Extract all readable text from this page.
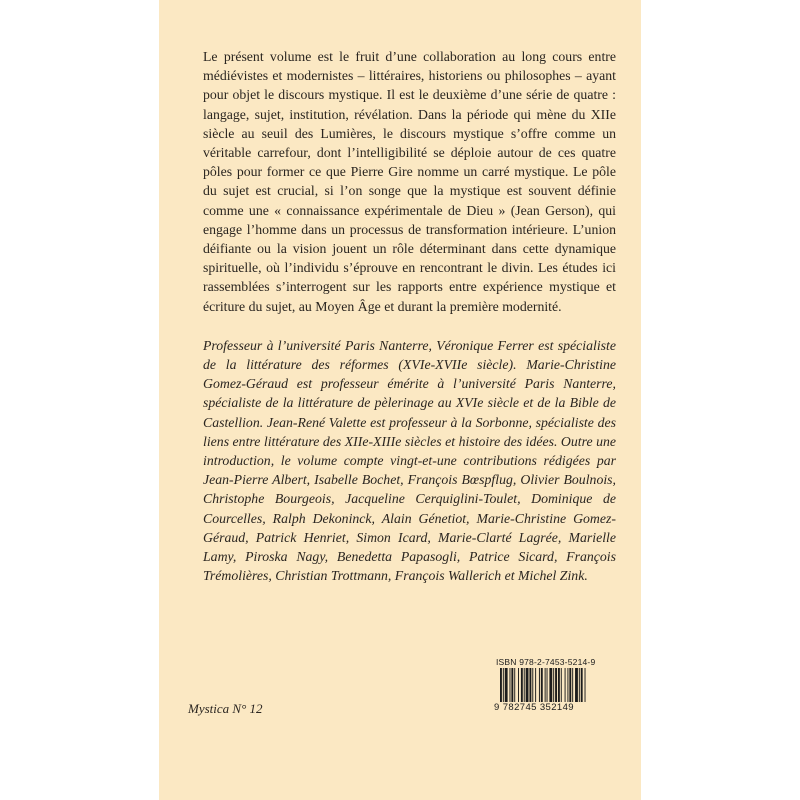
Le présent volume est le fruit d’une collaboration au long cours entre médiévistes et modernistes – littéraires, historiens ou philosophes – ayant pour objet le discours mystique. Il est le deuxième d’une série de quatre : langage, sujet, institution, révélation. Dans la période qui mène du XIIe siècle au seuil des Lumières, le discours mystique s’offre comme un véritable carrefour, dont l’intelligibilité se déploie autour de ces quatre pôles pour former ce que Pierre Gire nomme un carré mystique. Le pôle du sujet est crucial, si l’on songe que la mystique est souvent définie comme une « connaissance expérimentale de Dieu » (Jean Gerson), qui engage l’homme dans un processus de transformation intérieure. L’union déifiante ou la vision jouent un rôle déterminant dans cette dynamique spirituelle, où l’individu s’éprouve en rencontrant le divin. Les études ici rassemblées s’interrogent sur les rapports entre expérience mystique et écriture du sujet, au Moyen Âge et durant la première modernité.

Professeur à l’université Paris Nanterre, Véronique Ferrer est spécialiste de la littérature des réformes (XVIe-XVIIe siècle). Marie-Christine Gomez-Géraud est professeur émérite à l’université Paris Nanterre, spécialiste de la littérature de pèlerinage au XVIe siècle et de la Bible de Castellion. Jean-René Valette est professeur à la Sorbonne, spécialiste des liens entre littérature des XIIe-XIIIe siècles et histoire des idées. Outre une introduction, le volume compte vingt-et-une contributions rédigées par Jean-Pierre Albert, Isabelle Bochet, François Bœspflug, Olivier Boulnois, Christophe Bourgeois, Jacqueline Cerquiglini-Toulet, Dominique de Courcelles, Ralph Dekoninck, Alain Génetiot, Marie-Christine Gomez-Géraud, Patrick Henriet, Simon Icard, Marie-Clarté Lagrée, Marielle Lamy, Piroska Nagy, Benedetta Papasogli, Patrice Sicard, François Trémolières, Christian Trottmann, François Wallerich et Michel Zink.

ISBN 978-2-7453-5214-9
9 782745 352149
Mystica N° 12
